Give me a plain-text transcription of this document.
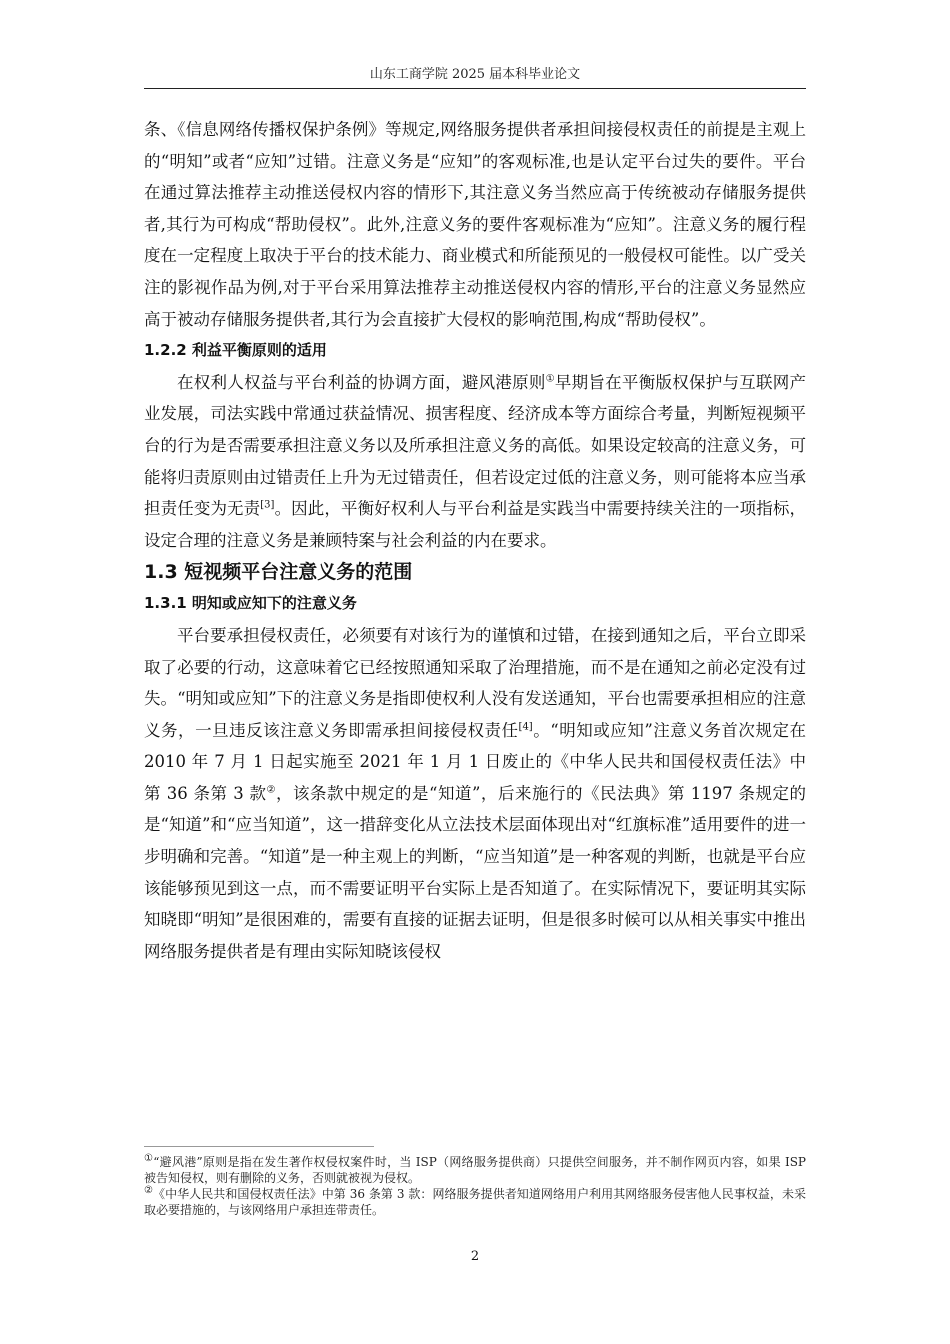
山东工商学院 2025 届本科毕业论文

条、《信息网络传播权保护条例》等规定,网络服务提供者承担间接侵权责任的前提是主观上的“明知”或者“应知”过错。注意义务是“应知”的客观标准,也是认定平台过失的要件。平台在通过算法推荐主动推送侵权内容的情形下,其注意义务当然应高于传统被动存储服务提供者,其行为可构成“帮助侵权”。此外,注意义务的要件客观标准为“应知”。注意义务的履行程度在一定程度上取决于平台的技术能力、商业模式和所能预见的一般侵权可能性。以广受关注的影视作品为例,对于平台采用算法推荐主动推送侵权内容的情形,平台的注意义务显然应高于被动存储服务提供者,其行为会直接扩大侵权的影响范围,构成“帮助侵权”。

1.2.2 利益平衡原则的适用

在权利人权益与平台利益的协调方面，避风港原则①早期旨在平衡版权保护与互联网产业发展，司法实践中常通过获益情况、损害程度、经济成本等方面综合考量，判断短视频平台的行为是否需要承担注意义务以及所承担注意义务的高低。如果设定较高的注意义务，可能将归责原则由过错责任上升为无过错责任，但若设定过低的注意义务，则可能将本应当承担责任变为无责[3]。因此，平衡好权利人与平台利益是实践当中需要持续关注的一项指标，设定合理的注意义务是兼顾特案与社会利益的内在要求。

1.3 短视频平台注意义务的范围

1.3.1 明知或应知下的注意义务

平台要承担侵权责任，必须要有对该行为的谨慎和过错，在接到通知之后，平台立即采取了必要的行动，这意味着它已经按照通知采取了治理措施，而不是在通知之前必定没有过失。“明知或应知”下的注意义务是指即使权利人没有发送通知，平台也需要承担相应的注意义务，一旦违反该注意义务即需承担间接侵权责任[4]。“明知或应知”注意义务首次规定在 2010 年 7 月 1 日起实施至 2021 年 1 月 1 日废止的《中华人民共和国侵权责任法》中第 36 条第 3 款②，该条款中规定的是“知道”，后来施行的《民法典》第 1197 条规定的是“知道”和“应当知道”，这一措辞变化从立法技术层面体现出对“红旗标准”适用要件的进一步明确和完善。“知道”是一种主观上的判断，“应当知道”是一种客观的判断，也就是平台应该能够预见到这一点，而不需要证明平台实际上是否知道了。在实际情况下，要证明其实际知晓即“明知”是很困难的，需要有直接的证据去证明，但是很多时候可以从相关事实中推出网络服务提供者是有理由实际知晓该侵权

①“避风港”原则是指在发生著作权侵权案件时，当 ISP（网络服务提供商）只提供空间服务，并不制作网页内容，如果 ISP 被告知侵权，则有删除的义务，否则就被视为侵权。

②《中华人民共和国侵权责任法》中第 36 条第 3 款：网络服务提供者知道网络用户利用其网络服务侵害他人民事权益，未采取必要措施的，与该网络用户承担连带责任。

2
